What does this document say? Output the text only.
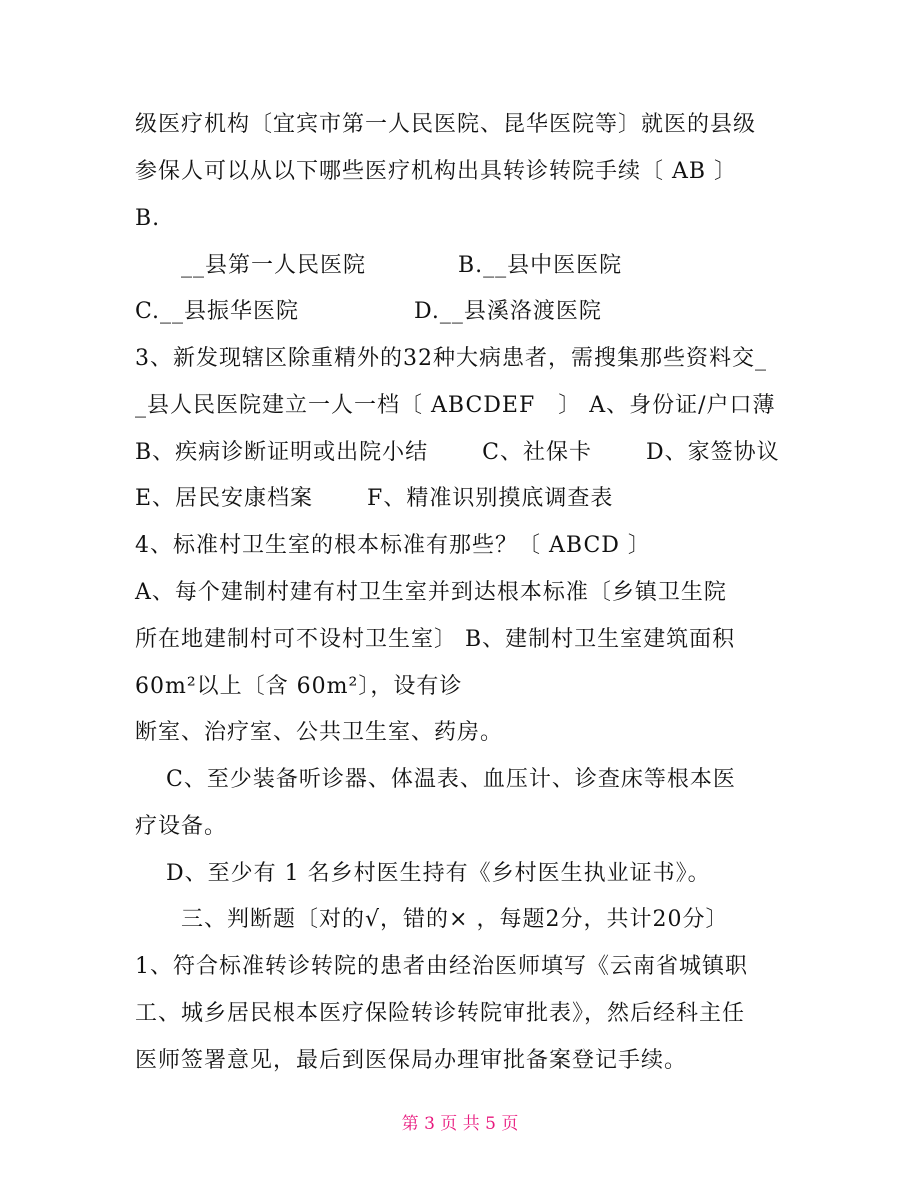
级医疗机构〔宜宾市第一人民医院、昆华医院等〕就医的县级
参保人可以从以下哪些医疗机构出具转诊转院手续〔 AB 〕
B.
　　__县第一人民医院　　　　B.__县中医医院
C.__县振华医院　　　　　D.__县溪洛渡医院
3、新发现辖区除重精外的32种大病患者，需搜集那些资料交_
_县人民医院建立一人一档〔 ABCDEF　〕 A、身份证/户口薄
B、疾病诊断证明或出院小结　　 C、社保卡　　 D、家签协议
E、居民安康档案　　 F、精准识别摸底调查表
4、标准村卫生室的根本标准有那些？〔 ABCD 〕
A、每个建制村建有村卫生室并到达根本标准〔乡镇卫生院
所在地建制村可不设村卫生室〕 B、建制村卫生室建筑面积
60m²以上〔含 60m²〕，设有诊
断室、治疗室、公共卫生室、药房。
　 C、至少装备听诊器、体温表、血压计、诊查床等根本医
疗设备。
　 D、至少有 1 名乡村医生持有《乡村医生执业证书》。
　　三、判断题〔对的√，错的× ，每题2分，共计20分〕
1、符合标准转诊转院的患者由经治医师填写《云南省城镇职
工、城乡居民根本医疗保险转诊转院审批表》，然后经科主任
医师签署意见，最后到医保局办理审批备案登记手续。
第 3 页 共 5 页
